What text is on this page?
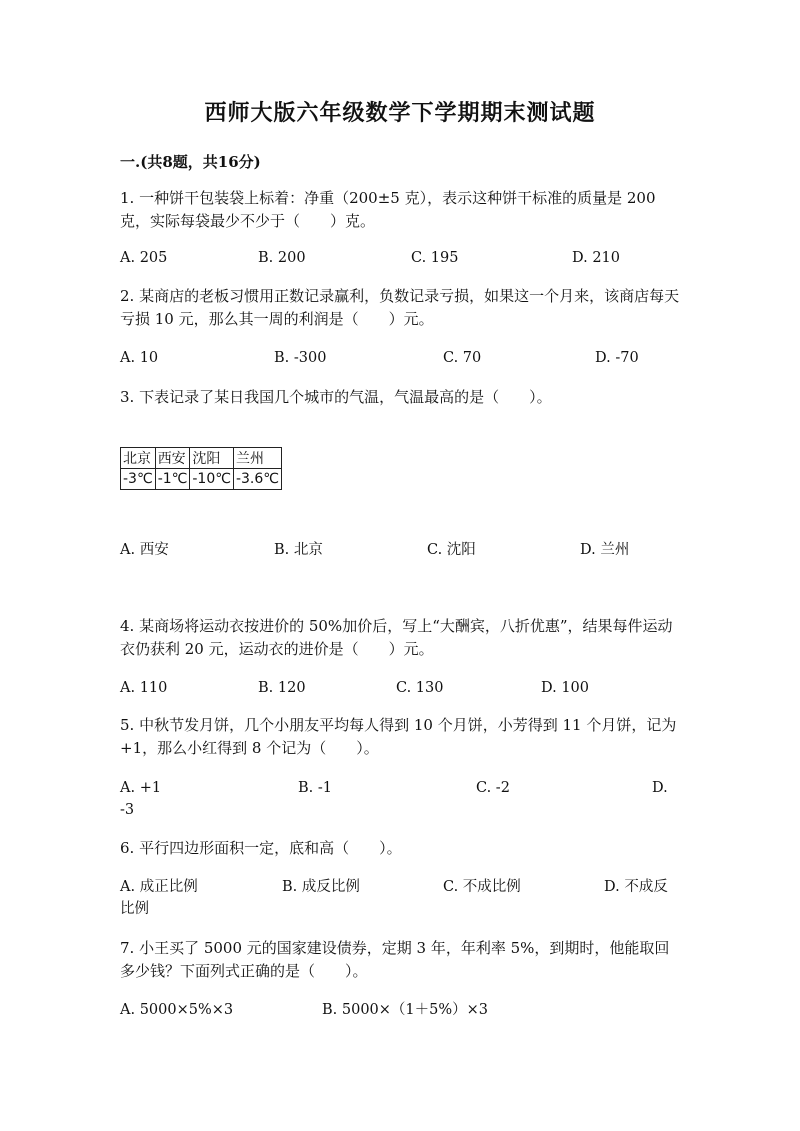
西师大版六年级数学下学期期末测试题
一.(共8题，共16分)
1. 一种饼干包装袋上标着：净重（200±5 克），表示这种饼干标准的质量是 200 克，实际每袋最少不少于（　　）克。
A. 205	B. 200	C. 195	D. 210
2. 某商店的老板习惯用正数记录赢利，负数记录亏损，如果这一个月来，该商店每天亏损 10 元，那么其一周的利润是（　　）元。
A. 10	B. -300	C. 70	D. -70
3. 下表记录了某日我国几个城市的气温，气温最高的是（　　）。
北京	西安	沈阳	兰州
-3℃	-1℃	-10℃	-3.6℃
A. 西安	B. 北京	C. 沈阳	D. 兰州
4. 某商场将运动衣按进价的 50%加价后，写上“大酬宾，八折优惠”，结果每件运动衣仍获利 20 元，运动衣的进价是（　　）元。
A. 110	B. 120	C. 130	D. 100
5. 中秋节发月饼，几个小朋友平均每人得到 10 个月饼，小芳得到 11 个月饼，记为+1，那么小红得到 8 个记为（　　）。
A. +1	B. -1	C. -2	D. -3
6. 平行四边形面积一定，底和高（　　）。
A. 成正比例	B. 成反比例	C. 不成比例	D. 不成反比例
7. 小王买了 5000 元的国家建设债券，定期 3 年，年利率 5%，到期时，他能取回多少钱？下面列式正确的是（　　）。
A. 5000×5%×3	B. 5000×（1＋5%）×3
